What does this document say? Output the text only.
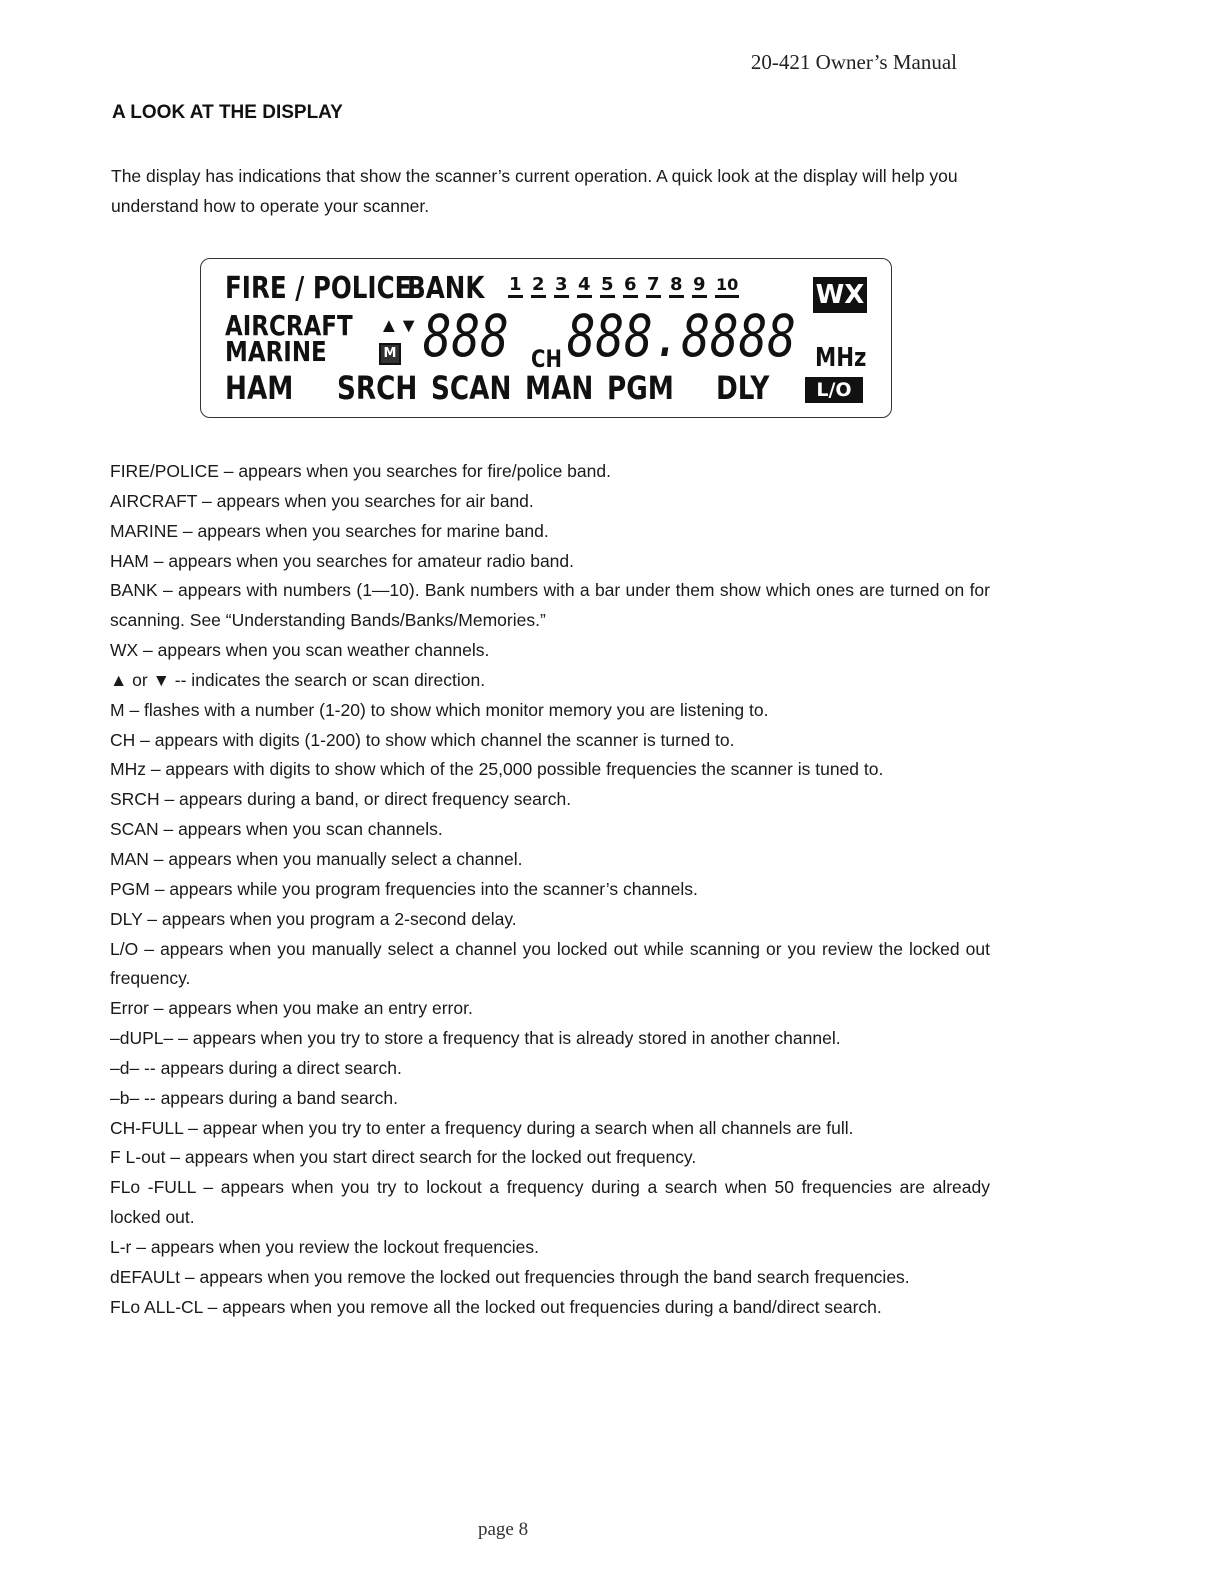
20-421 Owner’s Manual
A LOOK AT THE DISPLAY
The display has indications that show the scanner’s current operation. A quick look at the display will help you understand how to operate your scanner.
FIRE / POLICE
BANK 1 2 3 4 5 6 7 8 9 10	WX
AIRCRAFT ▲▼
MARINE	M 888 CH 888.8888 MHz
HAM SRCH SCAN MAN PGM DLY	L/O

FIRE/POLICE – appears when you searches for fire/police band.

AIRCRAFT – appears when you searches for air band.

MARINE – appears when you searches for marine band.

HAM – appears when you searches for amateur radio band.

BANK – appears with numbers (1—10). Bank numbers with a bar under them show which ones are turned on for scanning. See “Understanding Bands/Banks/Memories.”

WX – appears when you scan weather channels.

▲ or ▼ -- indicates the search or scan direction.

M – flashes with a number (1-20) to show which monitor memory you are listening to.

CH – appears with digits (1-200) to show which channel the scanner is turned to.

MHz – appears with digits to show which of the 25,000 possible frequencies the scanner is tuned to.

SRCH – appears during a band, or direct frequency search.

SCAN – appears when you scan channels.

MAN – appears when you manually select a channel.

PGM – appears while you program frequencies into the scanner’s channels.

DLY – appears when you program a 2-second delay.

L/O – appears when you manually select a channel you locked out while scanning or you review the locked out frequency.

Error – appears when you make an entry error.

–dUPL– – appears when you try to store a frequency that is already stored in another channel.

–d– -- appears during a direct search.

–b– -- appears during a band search.

CH-FULL – appear when you try to enter a frequency during a search when all channels are full.

F L-out – appears when you start direct search for the locked out frequency.

FLo -FULL – appears when you try to lockout a frequency during a search when 50 frequencies are already locked out.

L-r – appears when you review the lockout frequencies.

dEFAULt – appears when you remove the locked out frequencies through the band search frequencies.

FLo ALL-CL – appears when you remove all the locked out frequencies during a band/direct search.

page 8
